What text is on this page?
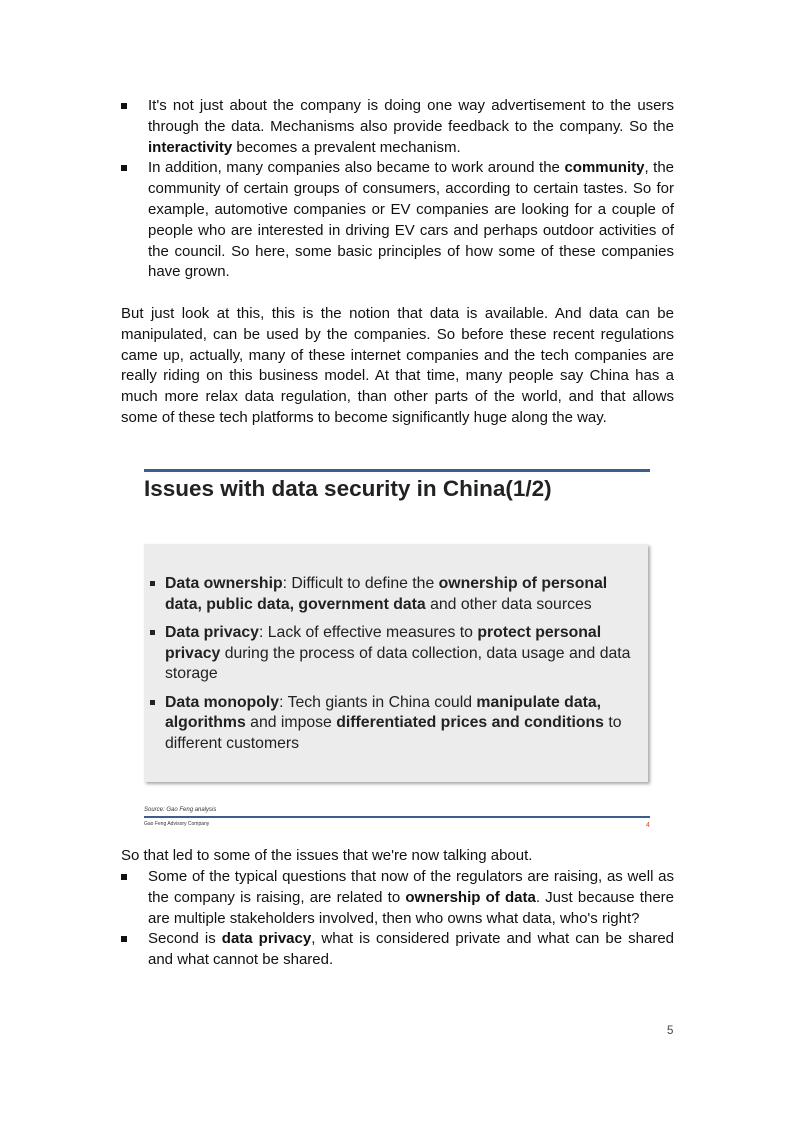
It's not just about the company is doing one way advertisement to the users through the data. Mechanisms also provide feedback to the company. So the interactivity becomes a prevalent mechanism.
In addition, many companies also became to work around the community, the community of certain groups of consumers, according to certain tastes. So for example, automotive companies or EV companies are looking for a couple of people who are interested in driving EV cars and perhaps outdoor activities of the council. So here, some basic principles of how some of these companies have grown.

But just look at this, this is the notion that data is available. And data can be manipulated, can be used by the companies. So before these recent regulations came up, actually, many of these internet companies and the tech companies are really riding on this business model. At that time, many people say China has a much more relax data regulation, than other parts of the world, and that allows some of these tech platforms to become significantly huge along the way.

Issues with data security in China(1/2)
Data ownership: Difficult to define the ownership of personal data, public data, government data and other data sources
Data privacy: Lack of effective measures to protect personal privacy during the process of data collection, data usage and data storage
Data monopoly: Tech giants in China could manipulate data, algorithms and impose differentiated prices and conditions to different customers
Source: Gao Feng analysis
Gao Feng Advisory Company	4

So that led to some of the issues that we're now talking about.

Some of the typical questions that now of the regulators are raising, as well as the company is raising, are related to ownership of data. Just because there are multiple stakeholders involved, then who owns what data, who's right?
Second is data privacy, what is considered private and what can be shared and what cannot be shared.
5
